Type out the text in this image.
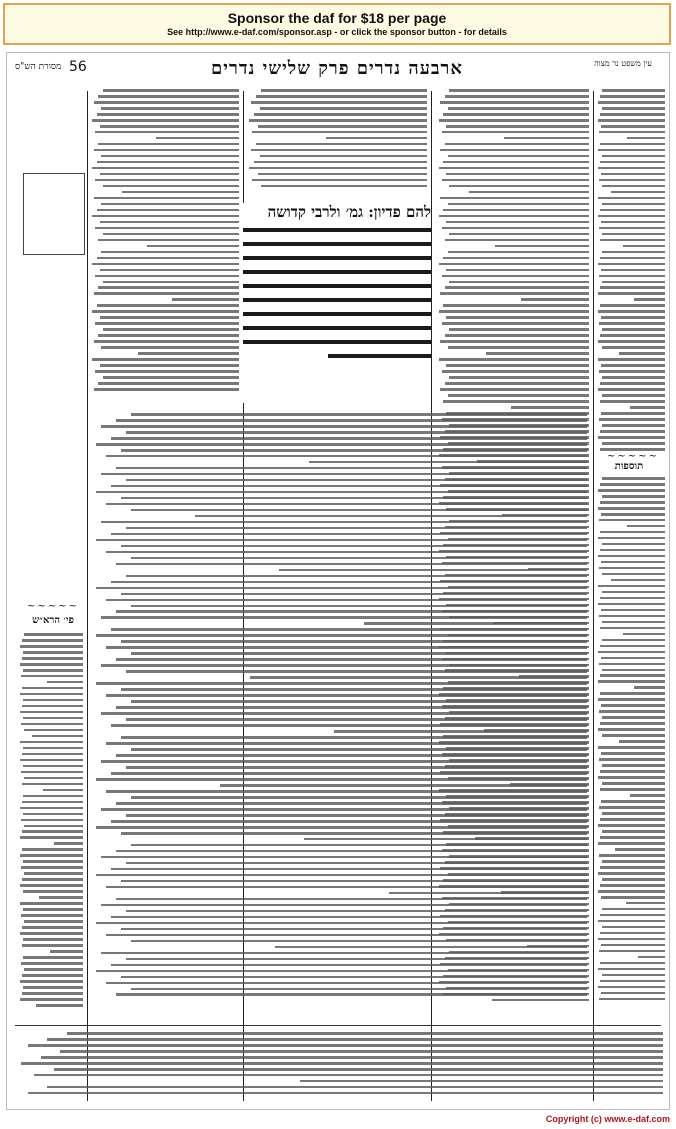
Sponsor the daf for $18 per page
See http://www.e-daf.com/sponsor.asp - or click the sponsor button - for details
מסורת הש"ס 56	ארבעה נדרים פרק שלישי נדרים	עין משפט נר מצוה
תוספות
להם פדיון: גמ׳ ולרבי קדושה
~~~~~
פי׳ הרא״ש
~~~~~
Copyright (c) www.e-daf.com
